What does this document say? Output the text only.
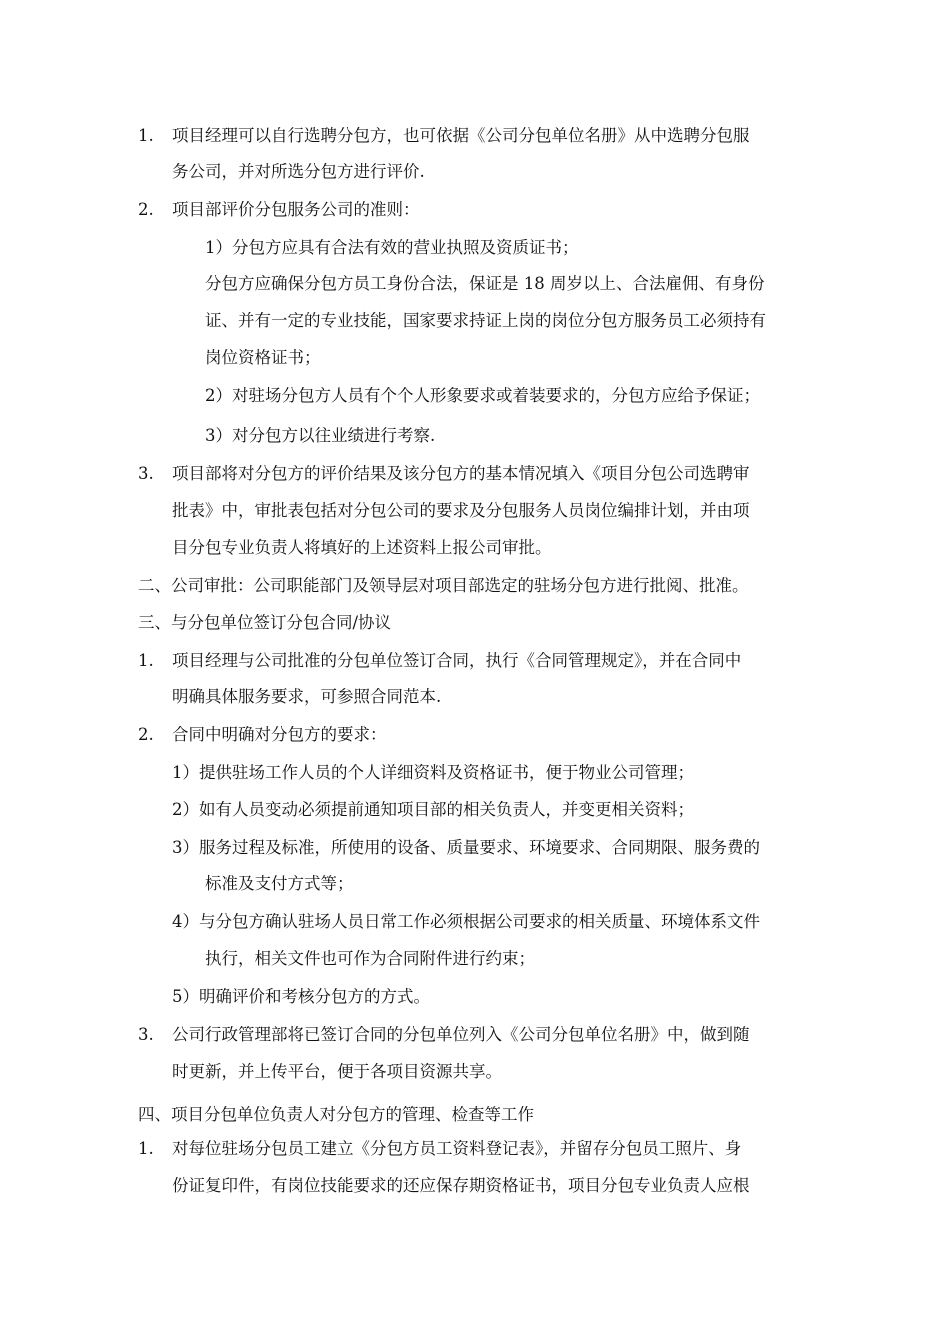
1. 项目经理可以自行选聘分包方，也可依据《公司分包单位名册》从中选聘分包服
务公司，并对所选分包方进行评价.
2. 项目部评价分包服务公司的准则：
1）分包方应具有合法有效的营业执照及资质证书；
分包方应确保分包方员工身份合法，保证是 18 周岁以上、合法雇佣、有身份
证、并有一定的专业技能，国家要求持证上岗的岗位分包方服务员工必须持有
岗位资格证书；
2）对驻场分包方人员有个个人形象要求或着装要求的，分包方应给予保证；
3）对分包方以往业绩进行考察.
3. 项目部将对分包方的评价结果及该分包方的基本情况填入《项目分包公司选聘审
批表》中，审批表包括对分包公司的要求及分包服务人员岗位编排计划，并由项
目分包专业负责人将填好的上述资料上报公司审批。
二、公司审批：公司职能部门及领导层对项目部选定的驻场分包方进行批阅、批准。
三、与分包单位签订分包合同/协议
1. 项目经理与公司批准的分包单位签订合同，执行《合同管理规定》，并在合同中
明确具体服务要求，可参照合同范本.
2. 合同中明确对分包方的要求：
1）提供驻场工作人员的个人详细资料及资格证书，便于物业公司管理；
2）如有人员变动必须提前通知项目部的相关负责人，并变更相关资料；
3）服务过程及标准，所使用的设备、质量要求、环境要求、合同期限、服务费的
标准及支付方式等；
4）与分包方确认驻场人员日常工作必须根据公司要求的相关质量、环境体系文件
执行，相关文件也可作为合同附件进行约束；
5）明确评价和考核分包方的方式。
3. 公司行政管理部将已签订合同的分包单位列入《公司分包单位名册》中，做到随
时更新，并上传平台，便于各项目资源共享。
四、项目分包单位负责人对分包方的管理、检查等工作
1. 对每位驻场分包员工建立《分包方员工资料登记表》，并留存分包员工照片、身
份证复印件，有岗位技能要求的还应保存期资格证书，项目分包专业负责人应根
